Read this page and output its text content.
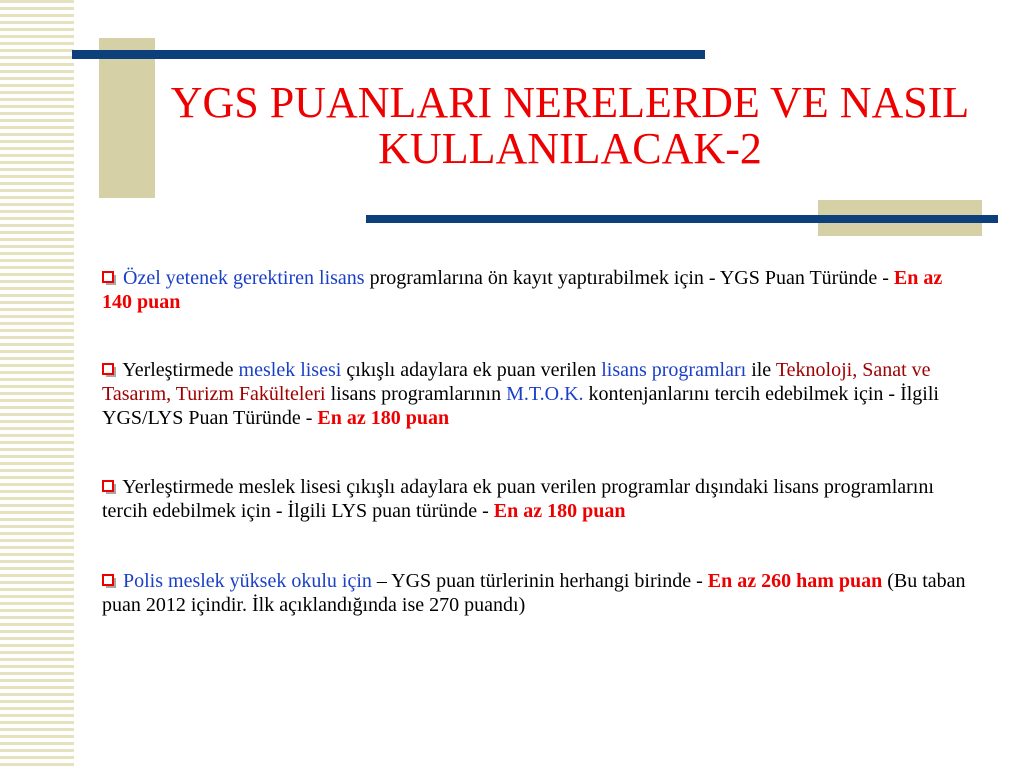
YGS PUANLARI NERELERDE VE NASIL KULLANILACAK-2

Özel yetenek gerektiren lisans programlarına ön kayıt yaptırabilmek için - YGS Puan Türünde - En az 140 puan

Yerleştirmede meslek lisesi çıkışlı adaylara ek puan verilen lisans programları ile Teknoloji, Sanat ve Tasarım, Turizm Fakülteleri lisans programlarının M.T.O.K. kontenjanlarını tercih edebilmek için - İlgili YGS/LYS Puan Türünde - En az 180 puan

Yerleştirmede meslek lisesi çıkışlı adaylara ek puan verilen programlar dışındaki lisans programlarını tercih edebilmek için - İlgili LYS puan türünde - En az 180 puan

Polis meslek yüksek okulu için – YGS puan türlerinin herhangi birinde - En az 260 ham puan (Bu taban puan 2012 içindir. İlk açıklandığında ise 270 puandı)
